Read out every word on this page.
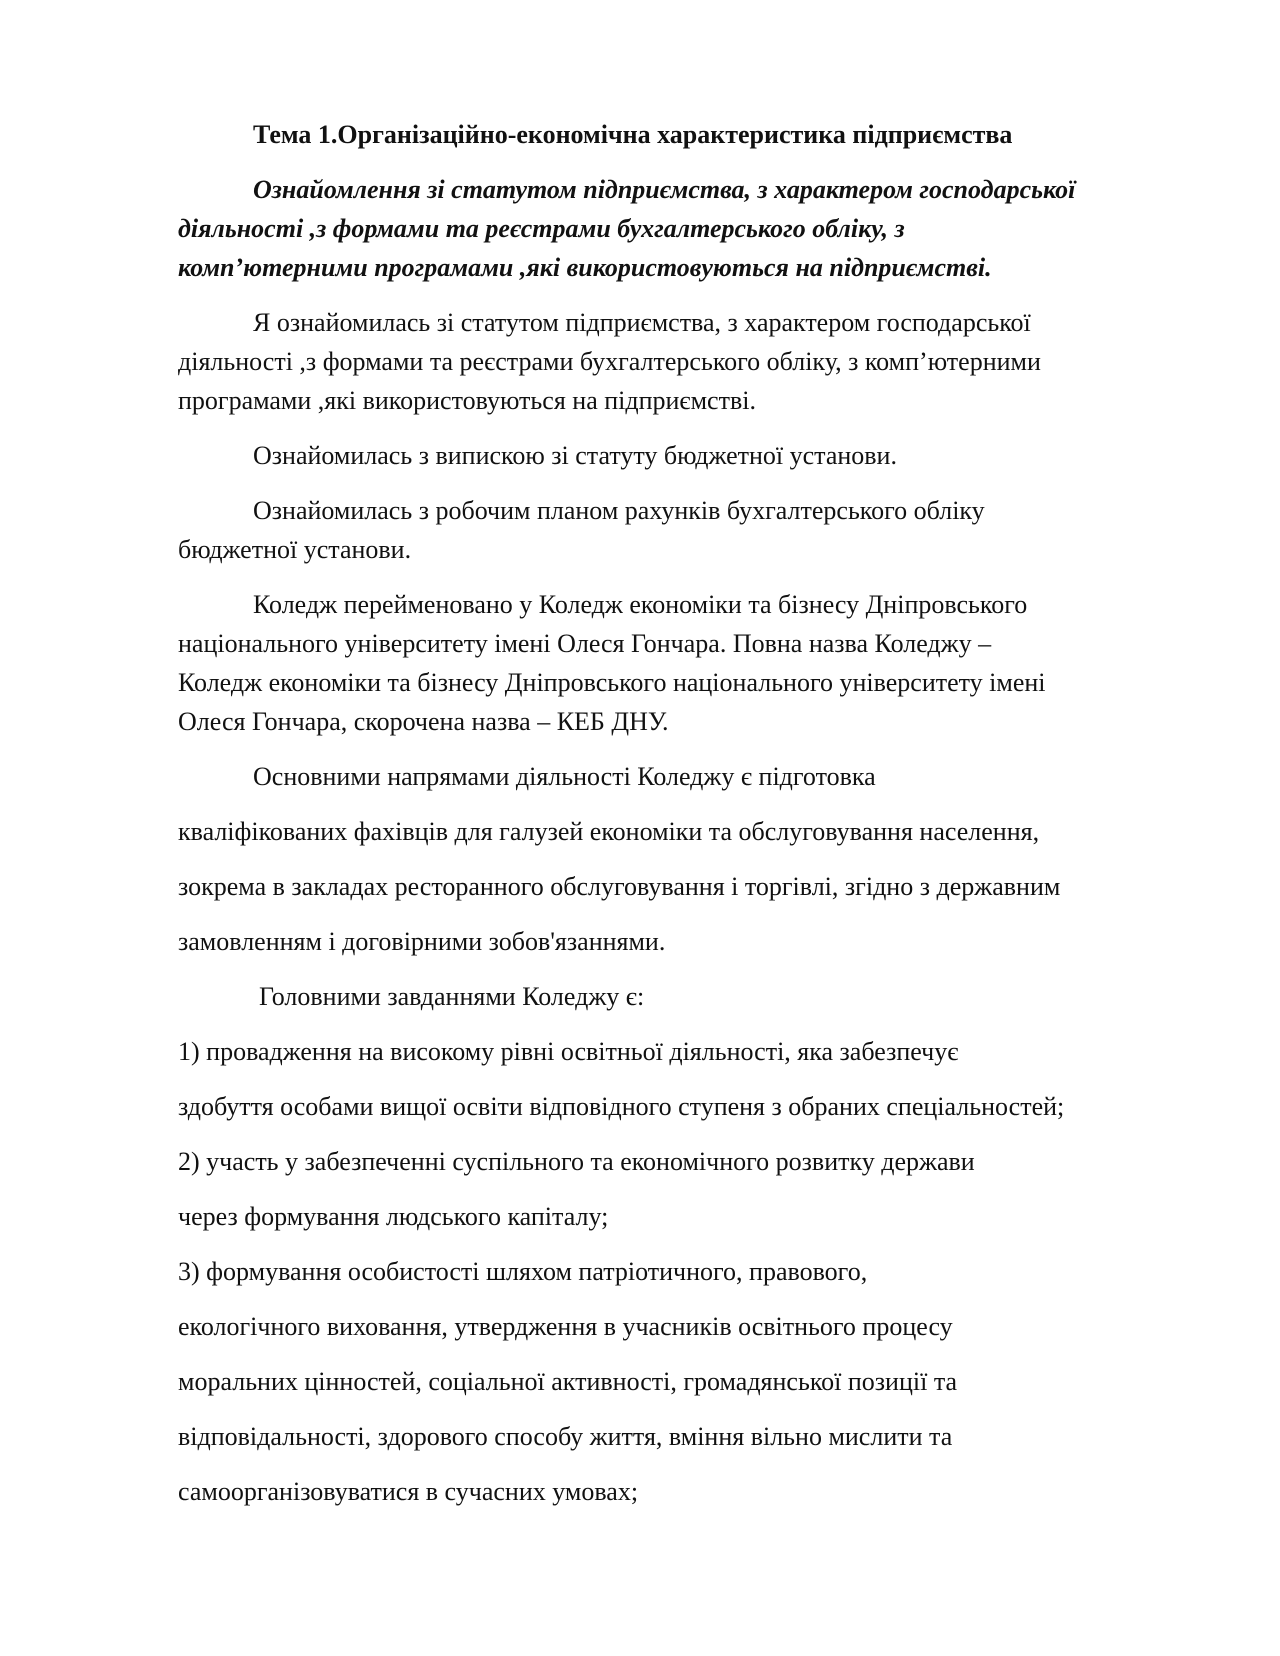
Тема 1.Організаційно-економічна характеристика підприємства
Ознайомлення зі статутом підприємства, з характером господарської
діяльності ,з формами та реєстрами бухгалтерського обліку, з
комп’ютерними програмами ,які використовуються на підприємстві.
Я ознайомилась зі статутом підприємства, з характером господарської
діяльності ,з формами та реєстрами бухгалтерського обліку, з комп’ютерними
програмами ,які використовуються на підприємстві.
Ознайомилась з випискою зі статуту бюджетної установи.
Ознайомилась з робочим планом рахунків бухгалтерського обліку
бюджетної установи.
Коледж перейменовано у Коледж економіки та бізнесу Дніпровського
національного університету імені Олеся Гончара. Повна назва Коледжу –
Коледж економіки та бізнесу Дніпровського національного університету імені
Олеся Гончара, скорочена назва – КЕБ ДНУ.
Основними напрямами діяльності Коледжу є підготовка
кваліфікованих фахівців для галузей економіки та обслуговування населення,
зокрема в закладах ресторанного обслуговування і торгівлі, згідно з державним
замовленням і договірними зобов'язаннями.
Головними завданнями Коледжу є:
1) провадження на високому рівні освітньої діяльності, яка забезпечує
здобуття особами вищої освіти відповідного ступеня з обраних спеціальностей;
2) участь у забезпеченні суспільного та економічного розвитку держави
через формування людського капіталу;
3) формування особистості шляхом патріотичного, правового,
екологічного виховання, утвердження в учасників освітнього процесу
моральних цінностей, соціальної активності, громадянської позиції та
відповідальності, здорового способу життя, вміння вільно мислити та
самоорганізовуватися в сучасних умовах;
